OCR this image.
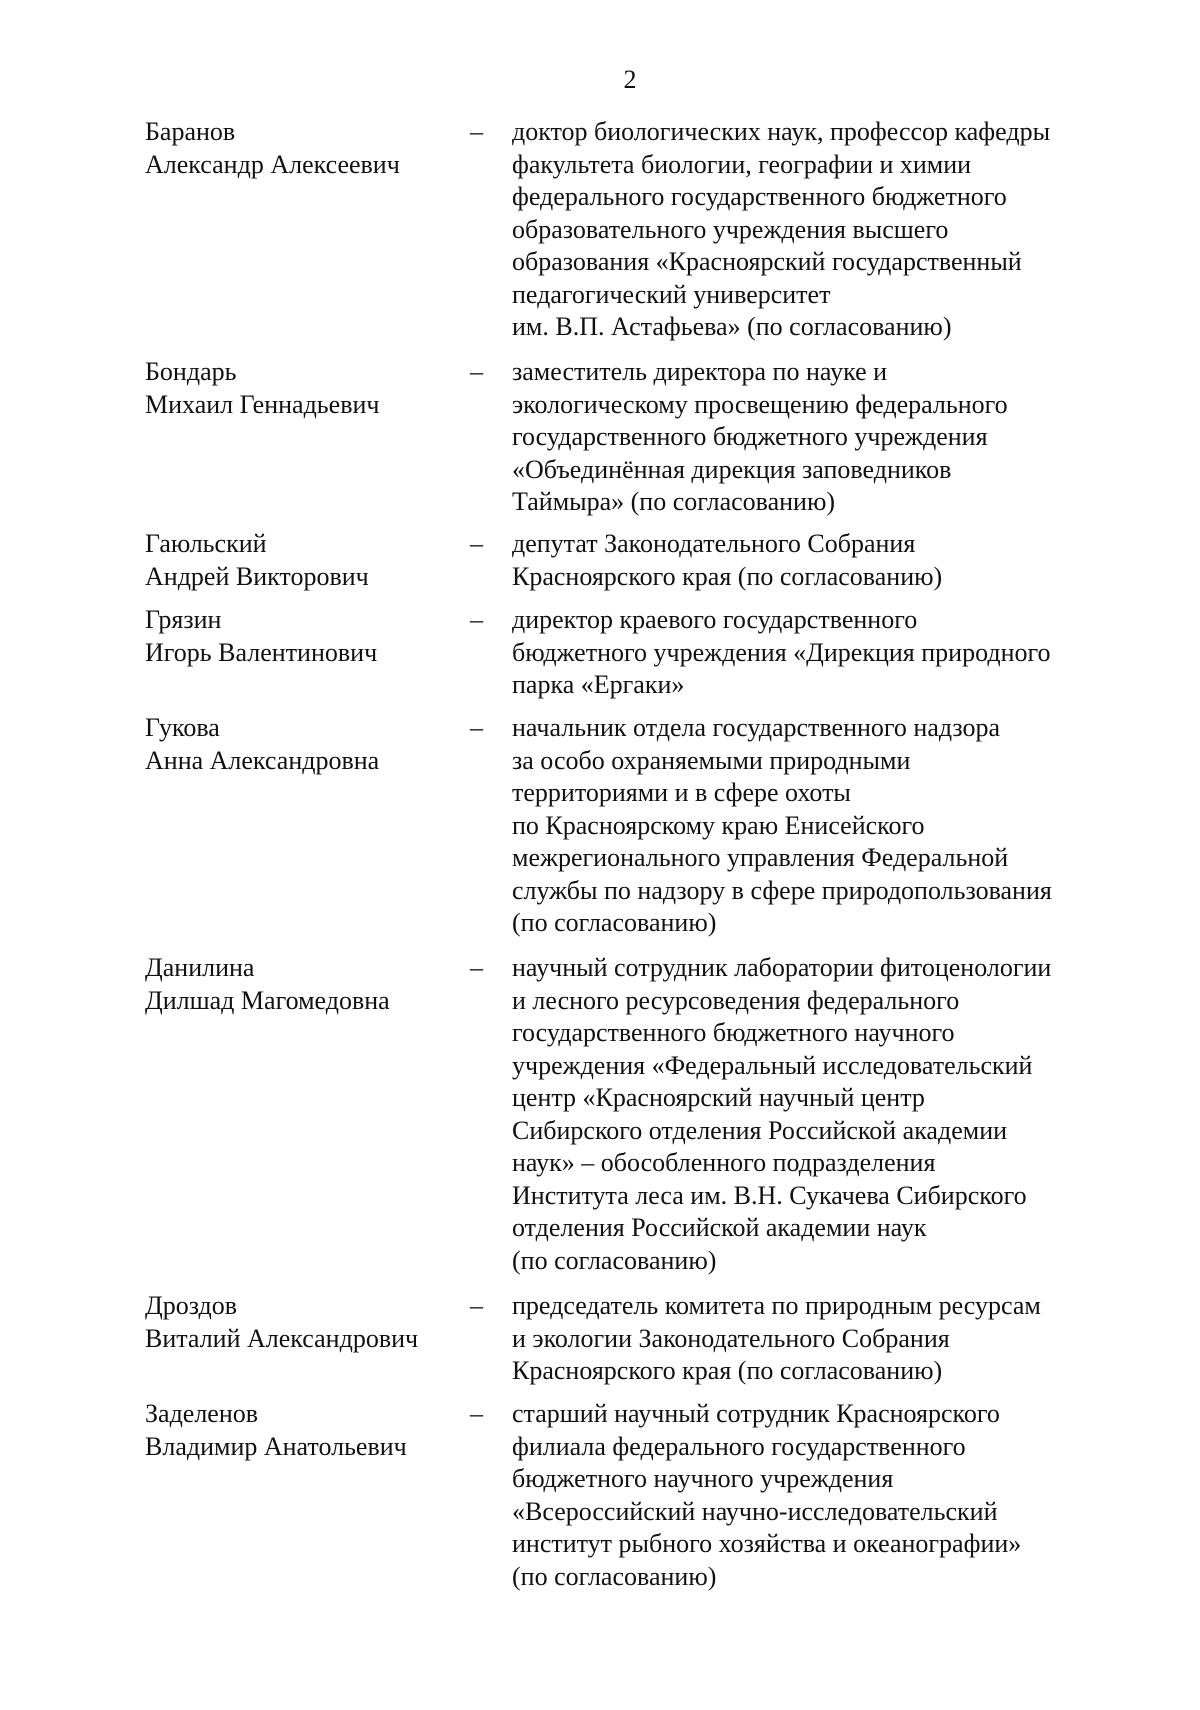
2
Баранов
Александр Алексеевич
– доктор биологических наук, профессор кафедры
факультета биологии, географии и химии
федерального государственного бюджетного
образовательного учреждения высшего
образования «Красноярский государственный
педагогический университет
им. В.П. Астафьева» (по согласованию)
Бондарь
Михаил Геннадьевич
– заместитель директора по науке и
экологическому просвещению федерального
государственного бюджетного учреждения
«Объединённая дирекция заповедников
Таймыра» (по согласованию)
Гаюльский
Андрей Викторович
– депутат Законодательного Собрания
Красноярского края (по согласованию)
Грязин
Игорь Валентинович
– директор краевого государственного
бюджетного учреждения «Дирекция природного
парка «Ергаки»
Гукова
Анна Александровна
– начальник отдела государственного надзора
за особо охраняемыми природными
территориями и в сфере охоты
по Красноярскому краю Енисейского
межрегионального управления Федеральной
службы по надзору в сфере природопользования
(по согласованию)
Данилина
Дилшад Магомедовна
– научный сотрудник лаборатории фитоценологии
и лесного ресурсоведения федерального
государственного бюджетного научного
учреждения «Федеральный исследовательский
центр «Красноярский научный центр
Сибирского отделения Российской академии
наук» – обособленного подразделения
Института леса им. В.Н. Сукачева Сибирского
отделения Российской академии наук
(по согласованию)
Дроздов
Виталий Александрович
– председатель комитета по природным ресурсам
и экологии Законодательного Собрания
Красноярского края (по согласованию)
Заделенов
Владимир Анатольевич
– старший научный сотрудник Красноярского
филиала федерального государственного
бюджетного научного учреждения
«Всероссийский научно-исследовательский
институт рыбного хозяйства и океанографии»
(по согласованию)
